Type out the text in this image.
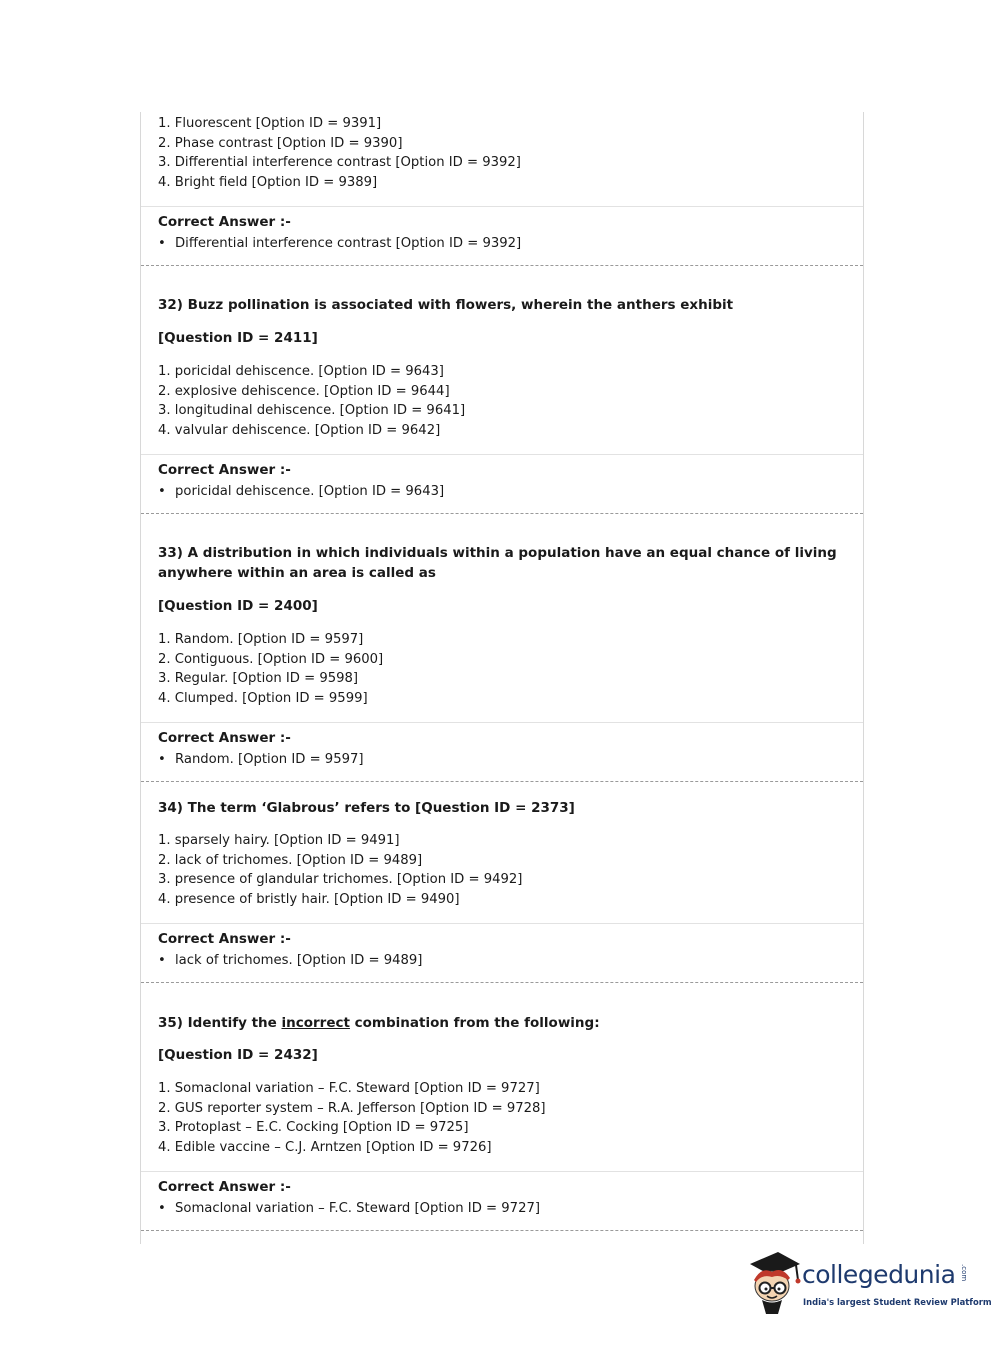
1. Fluorescent [Option ID = 9391]
2. Phase contrast [Option ID = 9390]
3. Differential interference contrast [Option ID = 9392]
4. Bright field [Option ID = 9389]
Correct Answer :-
• Differential interference contrast [Option ID = 9392]
32) Buzz pollination is associated with flowers, wherein the anthers exhibit
[Question ID = 2411]
1. poricidal dehiscence. [Option ID = 9643]
2. explosive dehiscence. [Option ID = 9644]
3. longitudinal dehiscence. [Option ID = 9641]
4. valvular dehiscence. [Option ID = 9642]
Correct Answer :-
• poricidal dehiscence. [Option ID = 9643]
33) A distribution in which individuals within a population have an equal chance of living anywhere within an area is called as
[Question ID = 2400]
1. Random. [Option ID = 9597]
2. Contiguous. [Option ID = 9600]
3. Regular. [Option ID = 9598]
4. Clumped. [Option ID = 9599]
Correct Answer :-
• Random. [Option ID = 9597]
34) The term ‘Glabrous’ refers to [Question ID = 2373]
1. sparsely hairy. [Option ID = 9491]
2. lack of trichomes. [Option ID = 9489]
3. presence of glandular trichomes. [Option ID = 9492]
4. presence of bristly hair. [Option ID = 9490]
Correct Answer :-
• lack of trichomes. [Option ID = 9489]
35) Identify the incorrect combination from the following:
[Question ID = 2432]
1. Somaclonal variation – F.C. Steward [Option ID = 9727]
2. GUS reporter system – R.A. Jefferson [Option ID = 9728]
3. Protoplast – E.C. Cocking [Option ID = 9725]
4. Edible vaccine – C.J. Arntzen [Option ID = 9726]
Correct Answer :-
• Somaclonal variation – F.C. Steward [Option ID = 9727]
collegedunia .com
India's largest Student Review Platform
